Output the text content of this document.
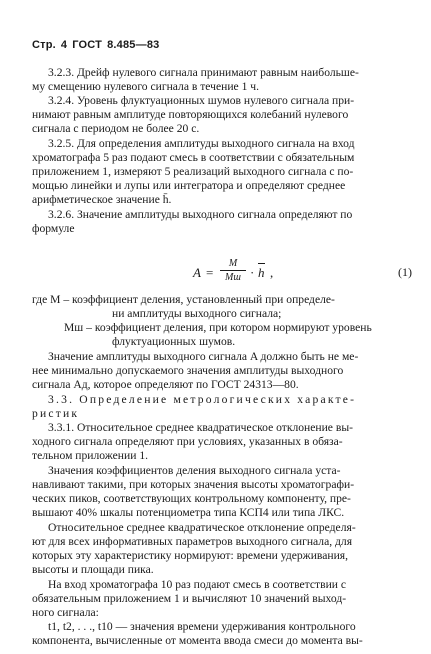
Стр. 4 ГОСТ 8.485—83
3.2.3. Дрейф нулевого сигнала принимают равным наибольше-
му смещению нулевого сигнала в течение 1 ч.
3.2.4. Уровень флуктуационных шумов нулевого сигнала при-
нимают равным амплитуде повторяющихся колебаний нулевого
сигнала с периодом не более 20 с.
3.2.5. Для определения амплитуды выходного сигнала на вход
хроматографа 5 раз подают смесь в соответствии с обязательным
приложением 1, измеряют 5 реализаций выходного сигнала с по-
мощью линейки и лупы или интегратора и определяют среднее
арифметическое значение h̄.
3.2.6. Значение амплитуды выходного сигнала определяют по
формуле
A =
M
Mш · h ,	(1)
где M – коэффициент деления, установленный при определе-
ни амплитуды выходного сигнала;
Mш – коэффициент деления, при котором нормируют уровень
флуктуационных шумов.
Значение амплитуды выходного сигнала A должно быть не ме-
нее минимально допускаемого значения амплитуды выходного
сигнала Aд, которое определяют по ГОСТ 24313—80.
3.3. Определение метрологических характе-
ристик
3.3.1. Относительное среднее квадратическое отклонение вы-
ходного сигнала определяют при условиях, указанных в обяза-
тельном приложении 1.
Значения коэффициентов деления выходного сигнала уста-
навливают такими, при которых значения высоты хроматографи-
ческих пиков, соответствующих контрольному компоненту, пре-
вышают 40% шкалы потенциометра типа КСП4 или типа ЛКС.
Относительное среднее квадратическое отклонение определя-
ют для всех информативных параметров выходного сигнала, для
которых эту характеристику нормируют: времени удерживания,
высоты и площади пика.
На вход хроматографа 10 раз подают смесь в соответствии с
обязательным приложением 1 и вычисляют 10 значений выход-
ного сигнала:
t1, t2, . . ., t10 — значения времени удерживания контрольного
компонента, вычисленные от момента ввода смеси до момента вы-
